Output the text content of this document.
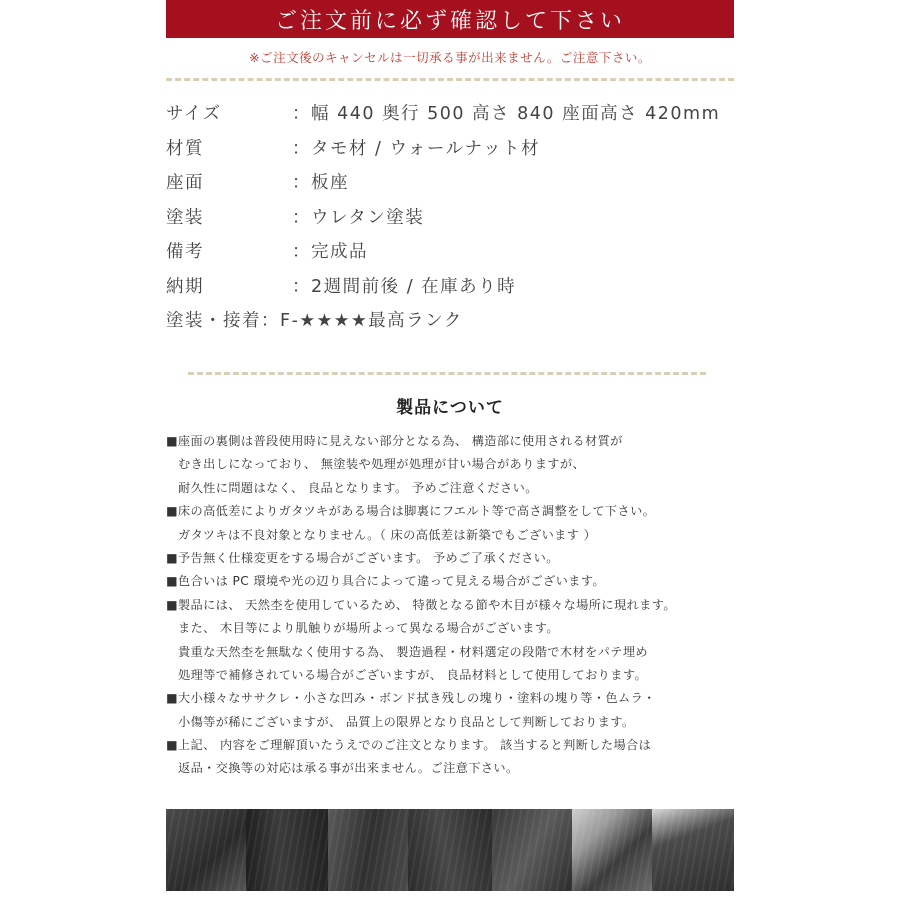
ご注文前に必ず確認して下さい
※ご注文後のキャンセルは一切承る事が出来ません。ご注意下さい。
サイズ	：幅 440 奥行 500 高さ 840 座面高さ 420mm
材質	：タモ材 / ウォールナット材
座面	：板座
塗装	：ウレタン塗装
備考	：完成品
納期	：2週間前後 / 在庫あり時
塗装・接着：F-★★★★最高ランク
製品について
■座面の裏側は普段使用時に見えない部分となる為、 構造部に使用される材質が
むき出しになっており、 無塗装や処理が処理が甘い場合がありますが、
耐久性に問題はなく、 良品となります。 予めご注意ください。
■床の高低差によりガタツキがある場合は脚裏にフエルト等で高さ調整をして下さい。
ガタツキは不良対象となりません。（ 床の高低差は新築でもございます ）
■予告無く仕様変更をする場合がございます。 予めご了承ください。
■色合いは PC 環境や光の辺り具合によって違って見える場合がございます。
■製品には、 天然杢を使用しているため、 特徴となる節や木目が様々な場所に現れます。
また、 木目等により肌触りが場所よって異なる場合がございます。
貴重な天然杢を無駄なく使用する為、 製造過程・材料選定の段階で木材をパテ埋め
処理等で補修されている場合がございますが、 良品材料として使用しております。
■大小様々なササクレ・小さな凹み・ボンド拭き残しの塊り・塗料の塊り等・色ムラ・
小傷等が稀にございますが、 品質上の限界となり良品として判断しております。
■上記、 内容をご理解頂いたうえでのご注文となります。 該当すると判断した場合は
返品・交換等の対応は承る事が出来ません。ご注意下さい。
